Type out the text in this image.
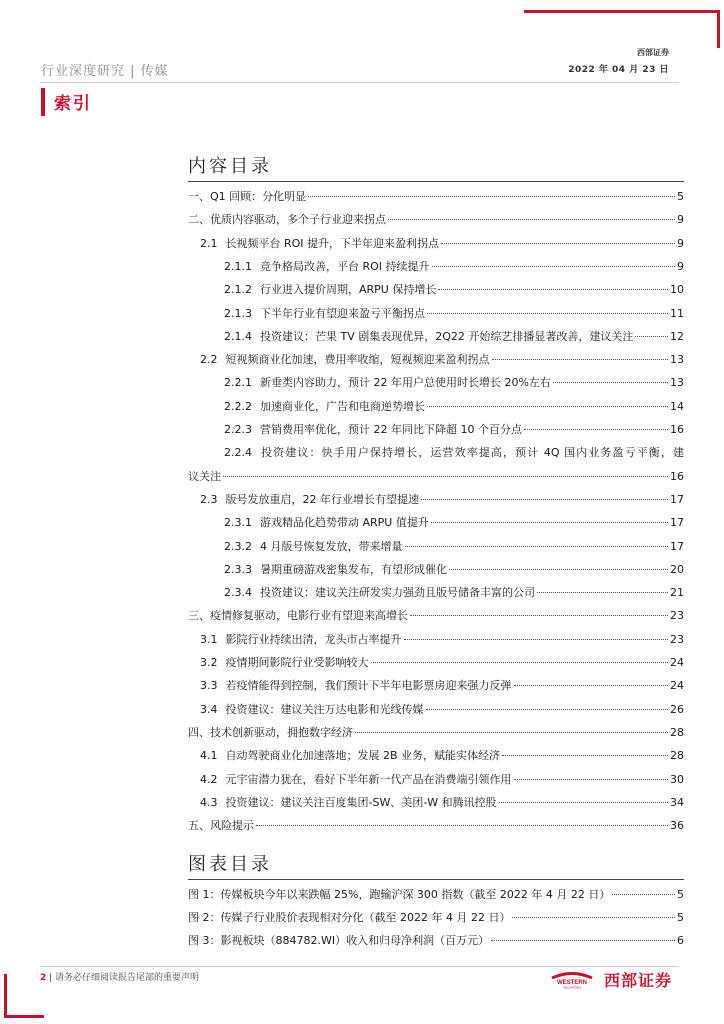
西部证券
2022 年 04 月 23 日
行业深度研究 | 传媒
索引
内容目录
一、Q1 回顾：分化明显	5
二、优质内容驱动，多个子行业迎来拐点	9
2.1 长视频平台 ROI 提升，下半年迎来盈利拐点	9
2.1.1 竞争格局改善，平台 ROI 持续提升	9
2.1.2 行业进入提价周期，ARPU 保持增长	10
2.1.3 下半年行业有望迎来盈亏平衡拐点	11
2.1.4 投资建议：芒果 TV 剧集表现优异，2Q22 开始综艺排播显著改善，建议关注	12
2.2 短视频商业化加速，费用率收缩，短视频迎来盈利拐点	13
2.2.1 新垂类内容助力，预计 22 年用户总使用时长增长 20%左右	13
2.2.2 加速商业化，广告和电商逆势增长	14
2.2.3 营销费用率优化，预计 22 年同比下降超 10 个百分点	16
2.2.4 投资建议：快手用户保持增长，运营效率提高，预计 4Q 国内业务盈亏平衡，建
议关注	16
2.3 版号发放重启，22 年行业增长有望提速	17
2.3.1 游戏精品化趋势带动 ARPU 值提升	17
2.3.2 4 月版号恢复发放，带来增量	17
2.3.3 暑期重磅游戏密集发布，有望形成催化	20
2.3.4 投资建议：建议关注研发实力强劲且版号储备丰富的公司	21
三、疫情修复驱动，电影行业有望迎来高增长	23
3.1 影院行业持续出清，龙头市占率提升	23
3.2 疫情期间影院行业受影响较大	24
3.3 若疫情能得到控制，我们预计下半年电影票房迎来强力反弹	24
3.4 投资建议：建议关注万达电影和光线传媒	26
四、技术创新驱动，拥抱数字经济	28
4.1 自动驾驶商业化加速落地；发展 2B 业务，赋能实体经济	28
4.2 元宇宙潜力犹在，看好下半年新一代产品在消费端引领作用	30
4.3 投资建议：建议关注百度集团-SW、美团-W 和腾讯控股	34
五、风险提示	36
图表目录
图 1：传媒板块今年以来跌幅 25%，跑输沪深 300 指数（截至 2022 年 4 月 22 日）	5
图 2：传媒子行业股价表现相对分化（截至 2022 年 4 月 22 日）	5
图 3：影视板块（884782.WI）收入和归母净利润（百万元）	6
2 | 请务必仔细阅读报告尾部的重要声明	WESTERN
SECURITIES 西部证券
